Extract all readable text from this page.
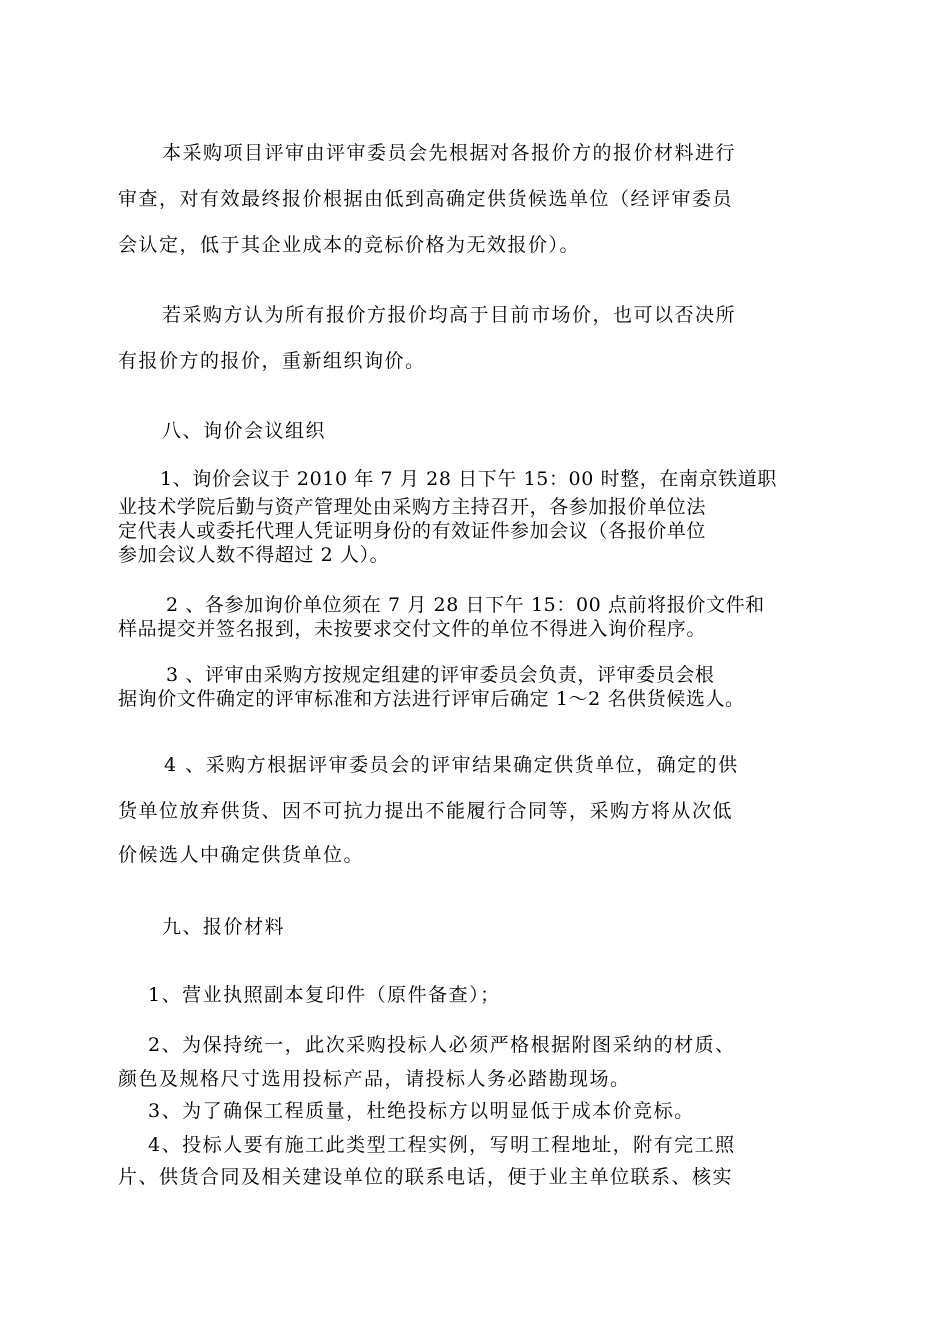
本采购项目评审由评审委员会先根据对各报价方的报价材料进行
审查，对有效最终报价根据由低到高确定供货候选单位（经评审委员
会认定，低于其企业成本的竞标价格为无效报价）。
若采购方认为所有报价方报价均高于目前市场价，也可以否决所
有报价方的报价，重新组织询价。
八、询价会议组织
1、询价会议于 2010 年 7 月 28 日下午 15：00 时整，在南京铁道职
业技术学院后勤与资产管理处由采购方主持召开，各参加报价单位法
定代表人或委托代理人凭证明身份的有效证件参加会议（各报价单位
参加会议人数不得超过 2 人）。
2 、各参加询价单位须在 7 月 28 日下午 15：00 点前将报价文件和
样品提交并签名报到，未按要求交付文件的单位不得进入询价程序。
3 、评审由采购方按规定组建的评审委员会负责，评审委员会根
据询价文件确定的评审标准和方法进行评审后确定 1～2 名供货候选人。
4 、采购方根据评审委员会的评审结果确定供货单位，确定的供
货单位放弃供货、因不可抗力提出不能履行合同等，采购方将从次低
价候选人中确定供货单位。
九、报价材料
1、营业执照副本复印件（原件备查）；
2、为保持统一，此次采购投标人必须严格根据附图采纳的材质、
颜色及规格尺寸选用投标产品，请投标人务必踏勘现场。
3、为了确保工程质量，杜绝投标方以明显低于成本价竞标。
4、投标人要有施工此类型工程实例，写明工程地址，附有完工照
片、供货合同及相关建设单位的联系电话，便于业主单位联系、核实
